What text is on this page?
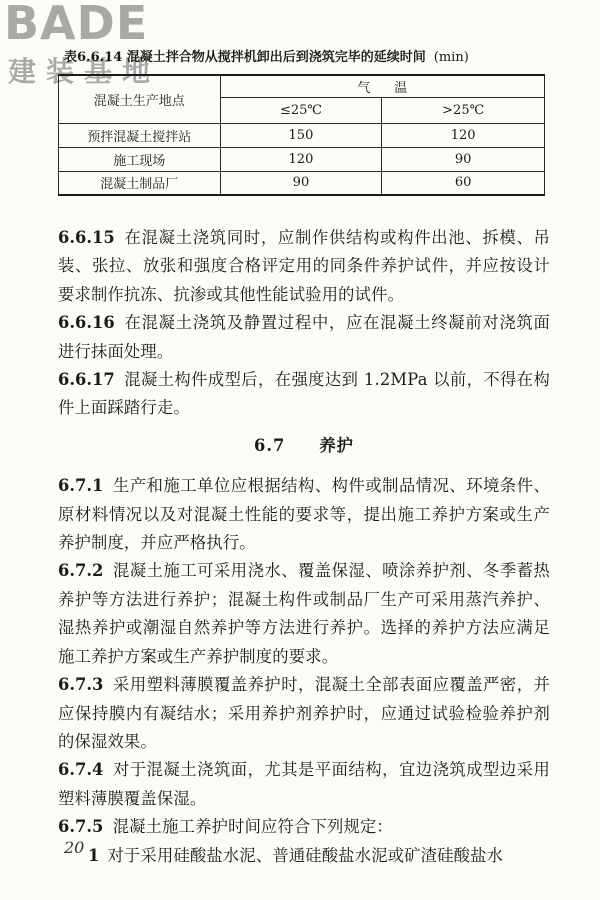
BADE
建装基地
表6.6.14 混凝土拌合物从搅拌机卸出后到浇筑完毕的延续时间 (min)
混凝土生产地点	气温	
	≤25℃	>25℃
预拌混凝土搅拌站	150	120
施工现场	120	90
混凝土制品厂	90	60

6.6.15 在混凝土浇筑同时，应制作供结构或构件出池、拆模、吊装、张拉、放张和强度合格评定用的同条件养护试件，并应按设计要求制作抗冻、抗渗或其他性能试验用的试件。

6.6.16 在混凝土浇筑及静置过程中，应在混凝土终凝前对浇筑面进行抹面处理。

6.6.17 混凝土构件成型后，在强度达到 1.2MPa 以前，不得在构件上面踩踏行走。

6.7 养护

6.7.1 生产和施工单位应根据结构、构件或制品情况、环境条件、原材料情况以及对混凝土性能的要求等，提出施工养护方案或生产养护制度，并应严格执行。

6.7.2 混凝土施工可采用浇水、覆盖保湿、喷涂养护剂、冬季蓄热养护等方法进行养护；混凝土构件或制品厂生产可采用蒸汽养护、湿热养护或潮湿自然养护等方法进行养护。选择的养护方法应满足施工养护方案或生产养护制度的要求。

6.7.3 采用塑料薄膜覆盖养护时，混凝土全部表面应覆盖严密，并应保持膜内有凝结水；采用养护剂养护时，应通过试验检验养护剂的保湿效果。

6.7.4 对于混凝土浇筑面，尤其是平面结构，宜边浇筑成型边采用塑料薄膜覆盖保湿。

6.7.5 混凝土施工养护时间应符合下列规定：

1 对于采用硅酸盐水泥、普通硅酸盐水泥或矿渣硅酸盐水

20
